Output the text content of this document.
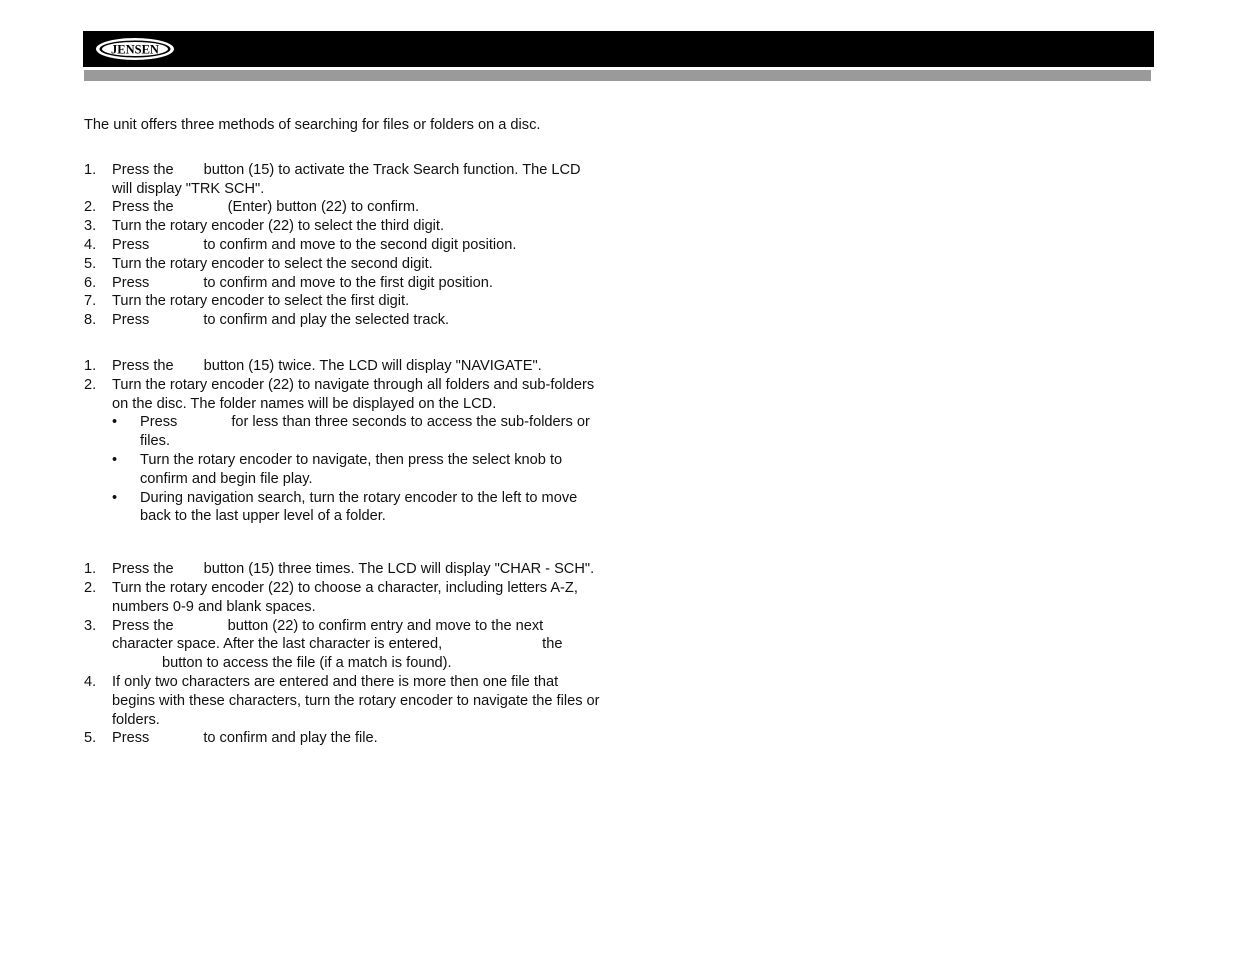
JENSEN

The unit offers three methods of searching for files or folders on a disc.

1. Press the button (15) to activate the Track Search function. The LCD will display "TRK SCH".
2. Press the	(Enter) button (22) to confirm.
3. Turn the rotary encoder (22) to select the third digit.
4. Press	to confirm and move to the second digit position.
5. Turn the rotary encoder to select the second digit.
6. Press	to confirm and move to the first digit position.
7. Turn the rotary encoder to select the first digit.
8. Press	to confirm and play the selected track.
1. Press the button (15) twice. The LCD will display "NAVIGATE".
2. Turn the rotary encoder (22) to navigate through all folders and sub-folders on the disc. The folder names will be displayed on the LCD.
• Press	for less than three seconds to access the sub-folders or files.
• Turn the rotary encoder to navigate, then press the select knob to confirm and begin file play.
• During navigation search, turn the rotary encoder to the left to move back to the last upper level of a folder.
1. Press the button (15) three times. The LCD will display "CHAR - SCH".
2. Turn the rotary encoder (22) to choose a character, including letters A-Z, numbers 0-9 and blank spaces.
3. Press the	button (22) to confirm entry and move to the next character space. After the last character is entered,	the
button to access the file (if a match is found).
4. If only two characters are entered and there is more then one file that begins with these characters, turn the rotary encoder to navigate the files or folders.
5. Press	to confirm and play the file.
